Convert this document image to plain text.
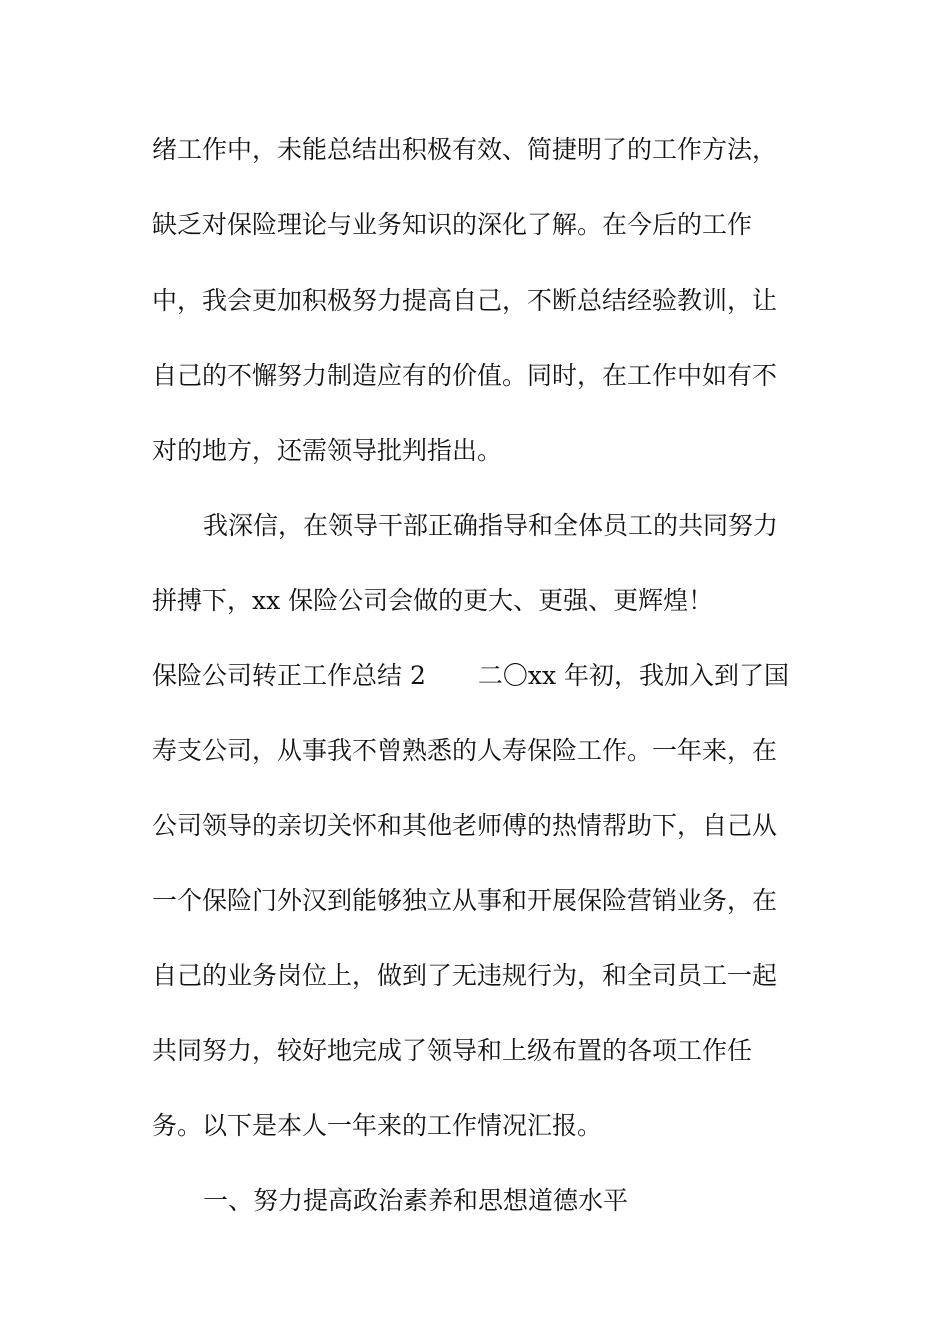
绪工作中，未能总结出积极有效、简捷明了的工作方法，
缺乏对保险理论与业务知识的深化了解。在今后的工作
中，我会更加积极努力提高自己，不断总结经验教训，让
自己的不懈努力制造应有的价值。同时，在工作中如有不
对的地方，还需领导批判指出。
我深信，在领导干部正确指导和全体员工的共同努力
拼搏下，xx 保险公司会做的更大、更强、更辉煌！
保险公司转正工作总结 2 二〇xx 年初，我加入到了国
寿支公司，从事我不曾熟悉的人寿保险工作。一年来，在
公司领导的亲切关怀和其他老师傅的热情帮助下，自己从
一个保险门外汉到能够独立从事和开展保险营销业务，在
自己的业务岗位上，做到了无违规行为，和全司员工一起
共同努力，较好地完成了领导和上级布置的各项工作任
务。以下是本人一年来的工作情况汇报。
一、努力提高政治素养和思想道德水平
